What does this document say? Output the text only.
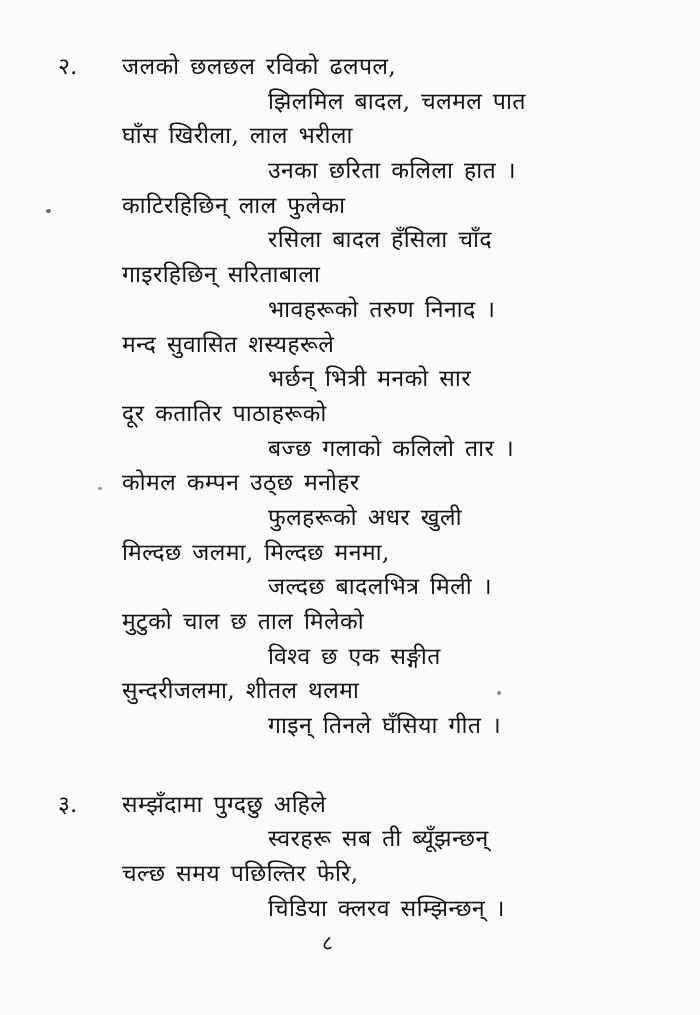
२. जलको छलछल रविको ढलपल,
झिलमिल बादल, चलमल पात
घाँस खिरीला, लाल भरीला
उनका छरिता कलिला हात ।
काटिरहिछिन् लाल फुलेका
रसिला बादल हँसिला चाँद
गाइरहिछिन् सरिताबाला
भावहरूको तरुण निनाद ।
मन्द सुवासित शस्यहरूले
भर्छन् भित्री मनको सार
दूर कतातिर पाठाहरूको
बज्छ गलाको कलिलो तार ।
कोमल कम्पन उठ्छ मनोहर
फुलहरूको अधर खुली
मिल्दछ जलमा, मिल्दछ मनमा,
जल्दछ बादलभित्र मिली ।
मुटुको चाल छ ताल मिलेको
विश्व छ एक सङ्गीत
सुन्दरीजलमा, शीतल थलमा
गाइन् तिनले घँसिया गीत ।
३. सम्झँदामा पुग्दछु अहिले
स्वरहरू सब ती ब्यूँझन्छन्
चल्छ समय पछिल्तिर फेरि,
चिडिया क्लरव सम्झिन्छन् ।
८
